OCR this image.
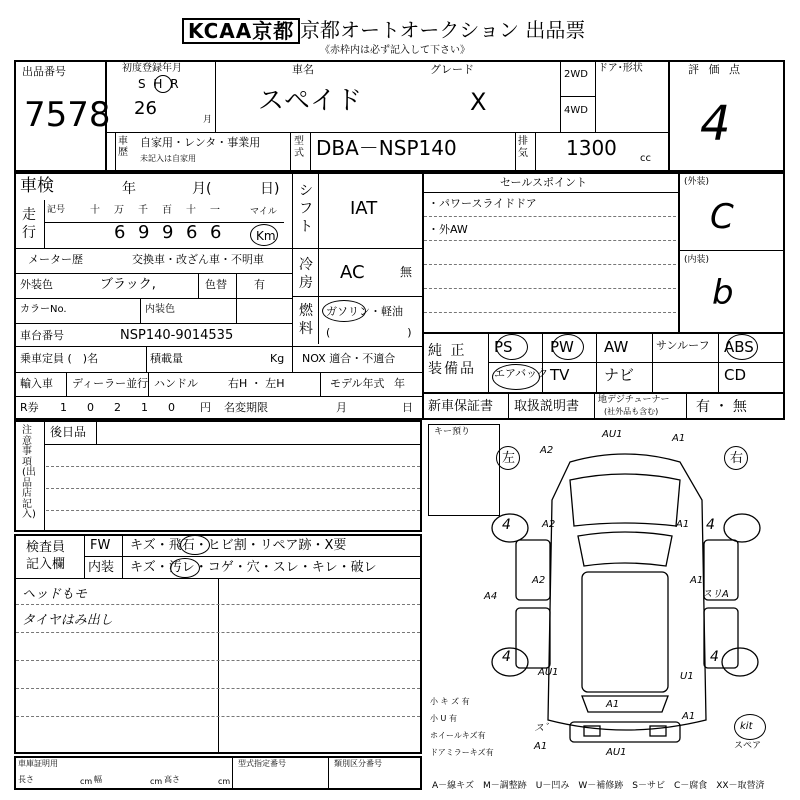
KCAA京都 京都オートオークション 出品票
《赤枠内は必ず記入して下さい》
出品番号
7578
初度登録年月
S H R
26
月
車名
スペイド
グレード
X
2WD
4WD
ドア･形状	評 価 点
4
車歴
自家用・レンタ・事業用
未記入は自家用
型式 DBA－NSP140	排気 1300 cc
車検	年	月(	日)
走行
記号 十 万 千 百 十 一
6 9 9 6 6
マイル
Km
メーター歴	交換車・改ざん車・不明車
外装色	ブラック,	色替 有
カラーNo.	内装色
車台番号	NSP140-9014535
シフト
IAT
冷房
AC	無
燃料
ガソリン・軽油
(　　　　　　　)
乗車定員 (　)名	積載量	Kg NOX 適合・不適合
輸入車 ディーラー並行 ハンドル	右H ・ 左H	モデル年式 年
R券 1 0 2 1 0 円 名変期限	月	日
セールスポイント
・パワースライドドア
・外AW
(外装)
C
(内装)
b
純 正 装備品
PS PW AW	サンルーフ ABS
エアバック TV ナビ	CD
新車保証書 取扱説明書 地デジチューナー
(社外品も含む)	有 ・ 無
注意事項(出品店記入)
後日品
検査員 記入欄
FW キズ・飛石・ヒビ割・リペア跡・X要
内装 キズ・汚レ・コゲ・穴・スレ・キレ・破レ
ヘッドもモ
タイヤはみ出し
キー預り
左	右
A2
AU1	A1
A2	A1
A2	A1
A4	スリA
AU1	U1
A1
A1
AU1
ス゛
A1
4	4
4	4
小 キ ズ 有
小 U 有
ホイールキズ有
ドアミラーキズ有
kit
スペア
車庫証明用
長さ	cm 幅	cm 高さ	cm
型式指定番号	類別区分番号
A－線キズ　M－調整跡　U－凹み　W－補修跡　S－サビ　C－腐食　XX－取替済
